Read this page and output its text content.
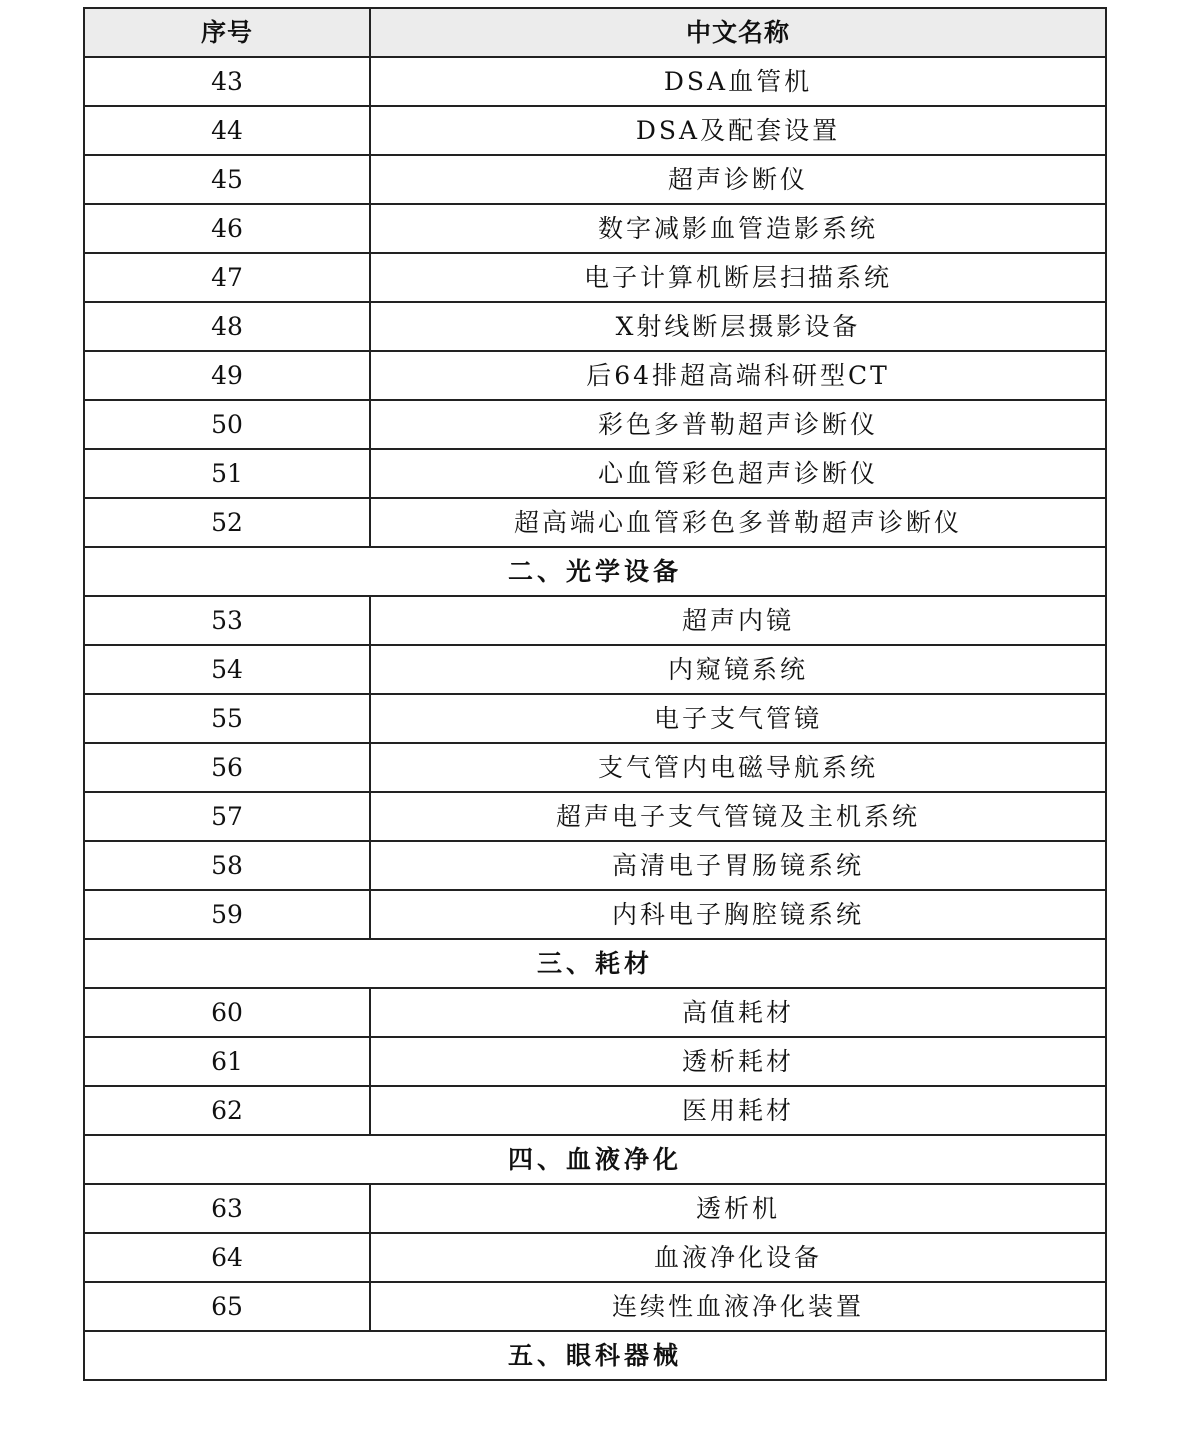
序号	中文名称
43	DSA血管机
44	DSA及配套设置
45	超声诊断仪
46	数字减影血管造影系统
47	电子计算机断层扫描系统
48	X射线断层摄影设备
49	后64排超高端科研型CT
50	彩色多普勒超声诊断仪
51	心血管彩色超声诊断仪
52	超高端心血管彩色多普勒超声诊断仪
二、光学设备	
53	超声内镜
54	内窥镜系统
55	电子支气管镜
56	支气管内电磁导航系统
57	超声电子支气管镜及主机系统
58	高清电子胃肠镜系统
59	内科电子胸腔镜系统
三、耗材	
60	高值耗材
61	透析耗材
62	医用耗材
四、血液净化	
63	透析机
64	血液净化设备
65	连续性血液净化装置
五、眼科器械	
